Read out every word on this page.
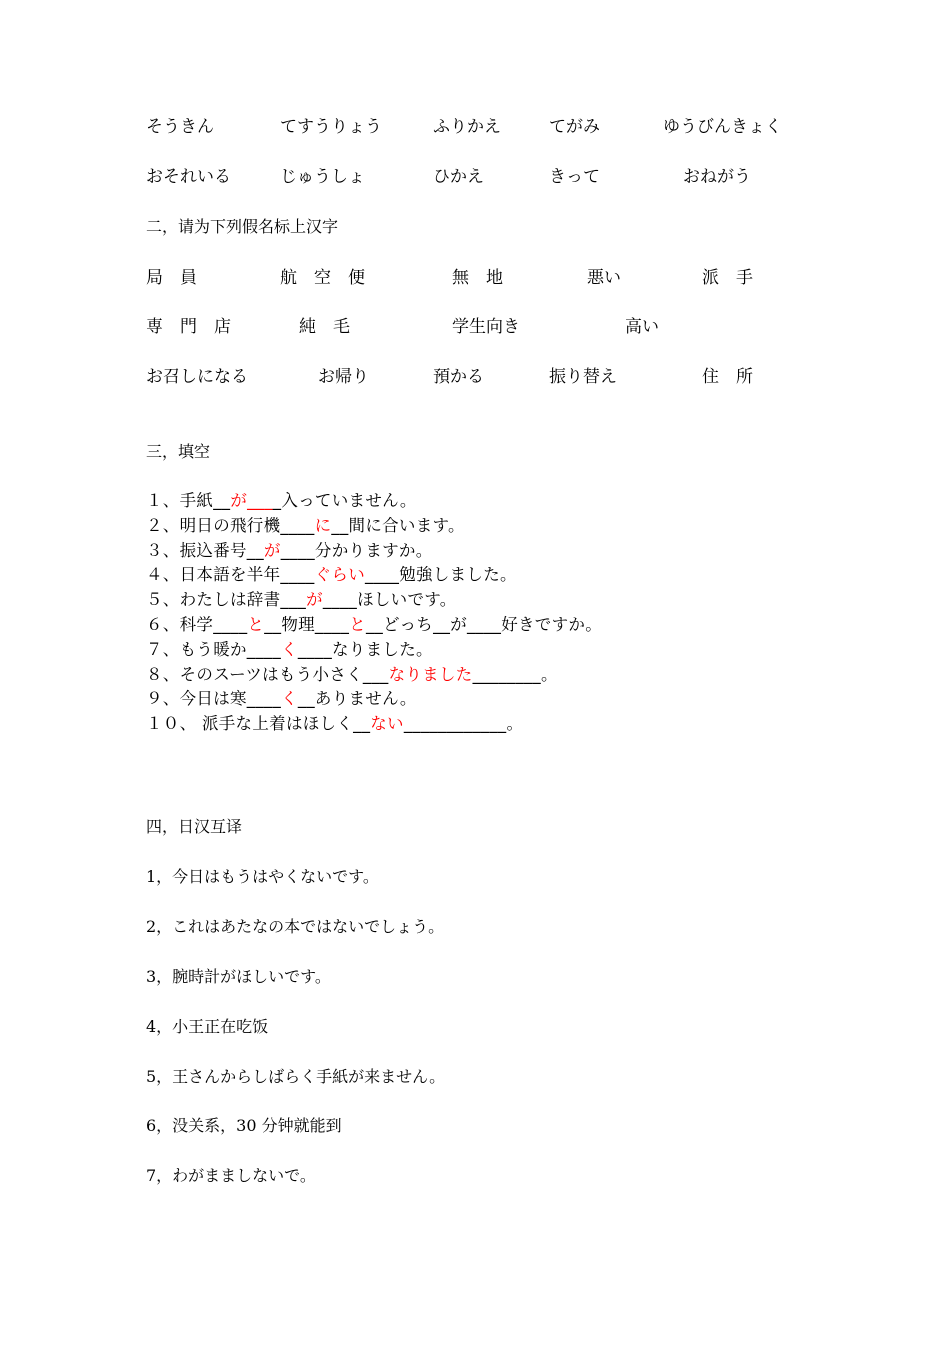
そうきん	てすうりょう	ふりかえ	てがみ	ゆうびんきょく
おそれいる	じゅうしょ	ひかえ	きって	おねがう
二，请为下列假名标上汉字
局　員	航　空　便	無　地	悪い	派　手
専　門　店	純　毛	学生向き	高い
お召しになる	お帰り	預かる	振り替え	住　所
三，填空
１、手紙__が____入っていません。
２、明日の飛行機____に__間に合います。
３、振込番号__が____分かりますか。
４、日本語を半年____ぐらい____勉強しました。
５、わたしは辞書___が____ほしいです。
６、科学____と__物理____と__どっち__が____好きですか。
７、もう暖か____く____なりました。
８、そのスーツはもう小さく___なりました________。
９、今日は寒____く__ありません。
１０、 派手な上着はほしく__ない____________。
四，日汉互译
1，今日はもうはやくないです。
2，これはあたなの本ではないでしょう。
3，腕時計がほしいです。
4，小王正在吃饭
5，王さんからしばらく手紙が来ません。
6，没关系，30 分钟就能到
7，わがまましないで。
